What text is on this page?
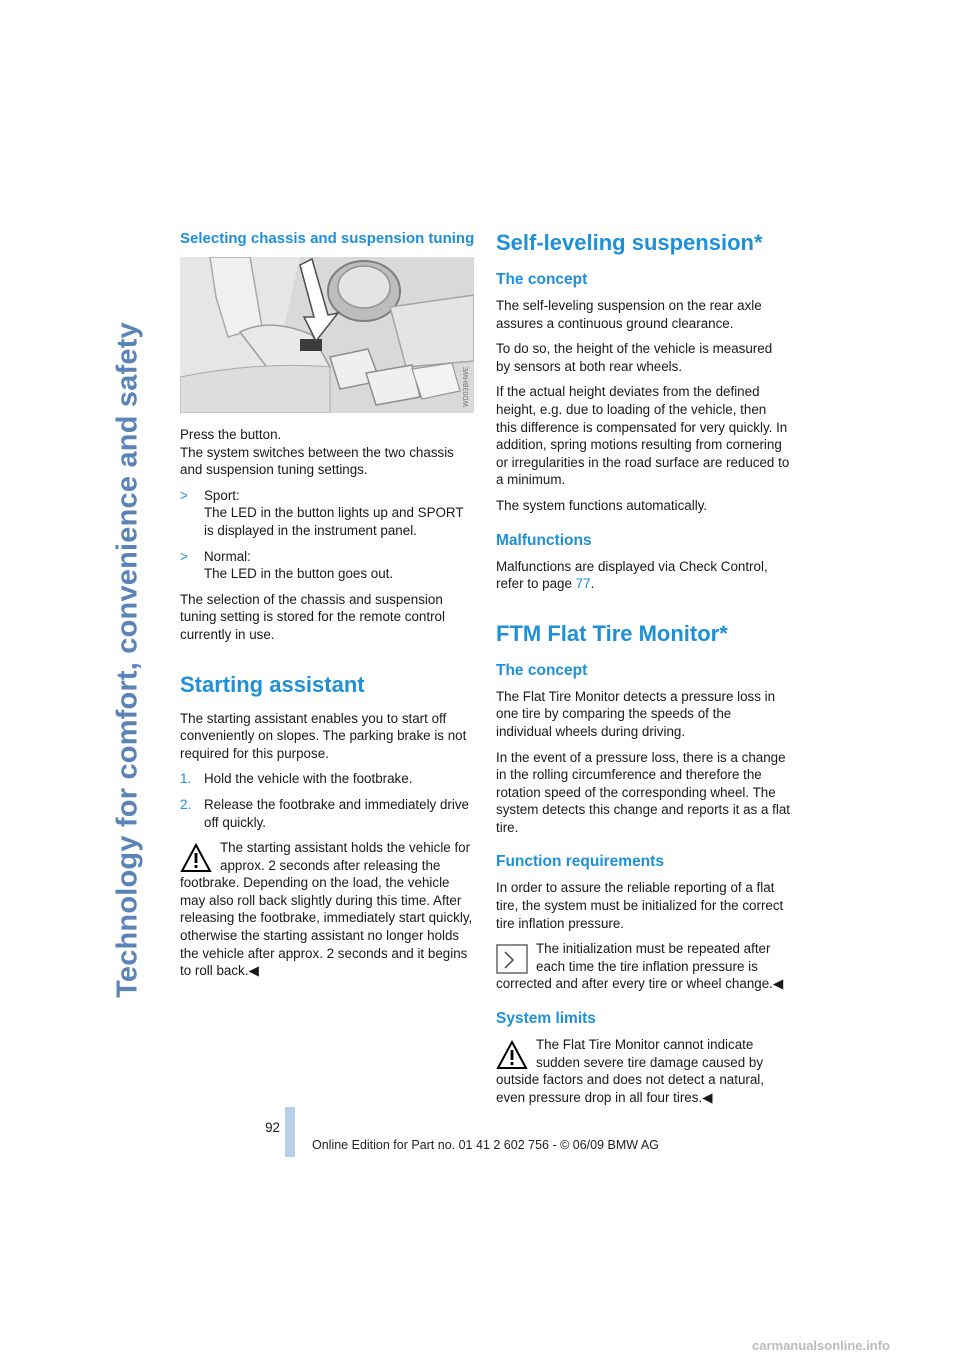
Technology for comfort, convenience and safety
Selecting chassis and suspension tuning
WD03BHWE

Press the button.
The system switches between the two chassis and suspension tuning settings.

> Sport:
The LED in the button lights up and SPORT is displayed in the instrument panel.
> Normal:
The LED in the button goes out.

The selection of the chassis and suspension tuning setting is stored for the remote control currently in use.

Starting assistant

The starting assistant enables you to start off conveniently on slopes. The parking brake is not required for this purpose.

1. Hold the vehicle with the footbrake.
2. Release the footbrake and immediately drive off quickly.
The starting assistant holds the vehicle for approx. 2 seconds after releasing the footbrake. Depending on the load, the vehicle may also roll back slightly during this time. After releasing the footbrake, immediately start quickly, otherwise the starting assistant no longer holds the vehicle after approx. 2 seconds and it begins to roll back.◀
Self-leveling suspension*
The concept

The self-leveling suspension on the rear axle assures a continuous ground clearance.

To do so, the height of the vehicle is measured by sensors at both rear wheels.

If the actual height deviates from the defined height, e.g. due to loading of the vehicle, then this difference is compensated for very quickly. In addition, spring motions resulting from cornering or irregularities in the road surface are reduced to a minimum.

The system functions automatically.

Malfunctions

Malfunctions are displayed via Check Control, refer to page 77.

FTM Flat Tire Monitor*
The concept

The Flat Tire Monitor detects a pressure loss in one tire by comparing the speeds of the individual wheels during driving.

In the event of a pressure loss, there is a change in the rolling circumference and therefore the rotation speed of the corresponding wheel. The system detects this change and reports it as a flat tire.

Function requirements

In order to assure the reliable reporting of a flat tire, the system must be initialized for the correct tire inflation pressure.

The initialization must be repeated after each time the tire inflation pressure is corrected and after every tire or wheel change.◀
System limits
The Flat Tire Monitor cannot indicate sudden severe tire damage caused by outside factors and does not detect a natural, even pressure drop in all four tires.◀
92
Online Edition for Part no. 01 41 2 602 756 - © 06/09 BMW AG
carmanualsonline.info
